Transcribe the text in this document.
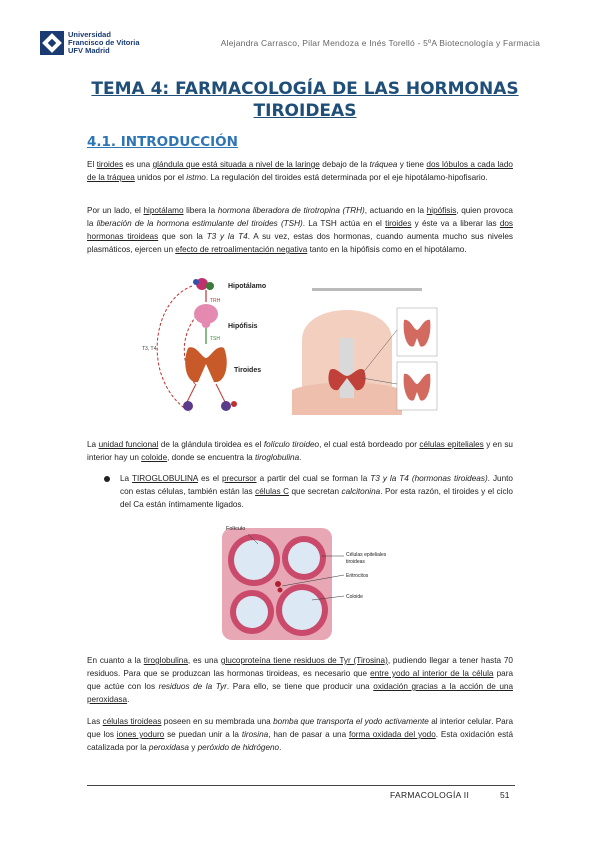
Universidad
Francisco de Vitoria
UFV Madrid
Alejandra Carrasco, Pilar Mendoza e Inés Torelló - 5ºA Biotecnología y Farmacia
TEMA 4: FARMACOLOGÍA DE LAS HORMONAS TIROIDEAS
4.1. INTRODUCCIÓN
El tiroides es una glándula que está situada a nivel de la laringe debajo de la tráquea y tiene dos lóbulos a cada lado de la tráquea unidos por el istmo. La regulación del tiroides está determinada por el eje hipotálamo-hipofisario.
Por un lado, el hipotálamo libera la hormona liberadora de tirotropina (TRH), actuando en la hipófisis, quien provoca la liberación de la hormona estimulante del tiroides (TSH). La TSH actúa en el tiroides y éste va a liberar las dos hormonas tiroideas que son la T3 y la T4. A su vez, estas dos hormonas, cuando aumenta mucho sus niveles plasmáticos, ejercen un efecto de retroalimentación negativa tanto en la hipófisis como en el hipotálamo.
Hipotálamo
Hipófisis
Tiroides
TRH
TSH
T3, T4
La unidad funcional de la glándula tiroidea es el folículo tiroideo, el cual está bordeado por células epiteliales y en su interior hay un coloide, donde se encuentra la tiroglobulina.
La TIROGLOBULINA es el precursor a partir del cual se forman la T3 y la T4 (hormonas tiroideas). Junto con estas células, también están las células C que secretan calcitonina. Por esta razón, el tiroides y el ciclo del Ca están íntimamente ligados.
Folículo
Células epiteliales
tiroideas
Eritrocitos
Coloide
En cuanto a la tiroglobulina, es una glucoproteína tiene residuos de Tyr (Tirosina), pudiendo llegar a tener hasta 70 residuos. Para que se produzcan las hormonas tiroideas, es necesario que entre yodo al interior de la célula para que actúe con los residuos de la Tyr. Para ello, se tiene que producir una oxidación gracias a la acción de una peroxidasa.
Las células tiroideas poseen en su membrada una bomba que transporta el yodo activamente al interior celular. Para que los iones yoduro se puedan unir a la tirosina, han de pasar a una forma oxidada del yodo. Esta oxidación está catalizada por la peroxidasa y peróxido de hidrógeno.
FARMACOLOGÍA II	51
